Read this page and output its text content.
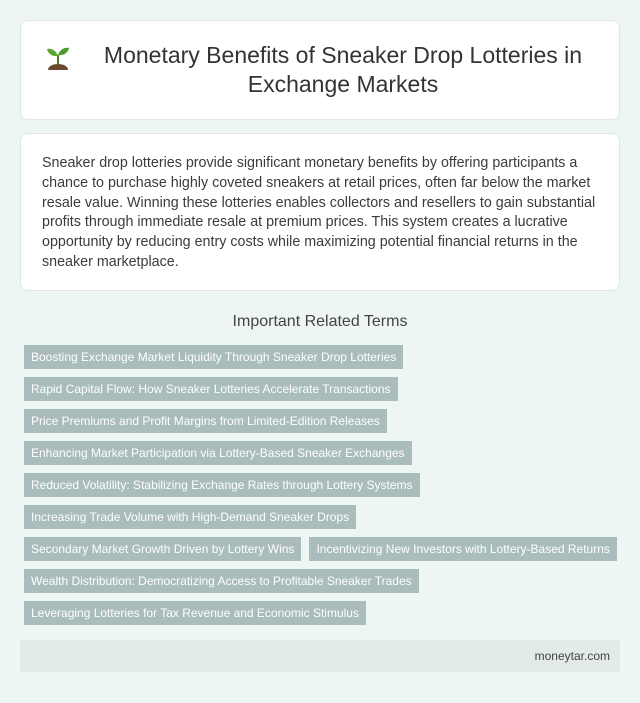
Monetary Benefits of Sneaker Drop Lotteries in Exchange Markets

Sneaker drop lotteries provide significant monetary benefits by offering participants a chance to purchase highly coveted sneakers at retail prices, often far below the market resale value. Winning these lotteries enables collectors and resellers to gain substantial profits through immediate resale at premium prices. This system creates a lucrative opportunity by reducing entry costs while maximizing potential financial returns in the sneaker marketplace.

Important Related Terms
Boosting Exchange Market Liquidity Through Sneaker Drop Lotteries
Rapid Capital Flow: How Sneaker Lotteries Accelerate Transactions
Price Premiums and Profit Margins from Limited-Edition Releases
Enhancing Market Participation via Lottery-Based Sneaker Exchanges
Reduced Volatility: Stabilizing Exchange Rates through Lottery Systems
Increasing Trade Volume with High-Demand Sneaker Drops
Secondary Market Growth Driven by Lottery Wins	Incentivizing New Investors with Lottery-Based Returns
Wealth Distribution: Democratizing Access to Profitable Sneaker Trades
Leveraging Lotteries for Tax Revenue and Economic Stimulus
moneytar.com
